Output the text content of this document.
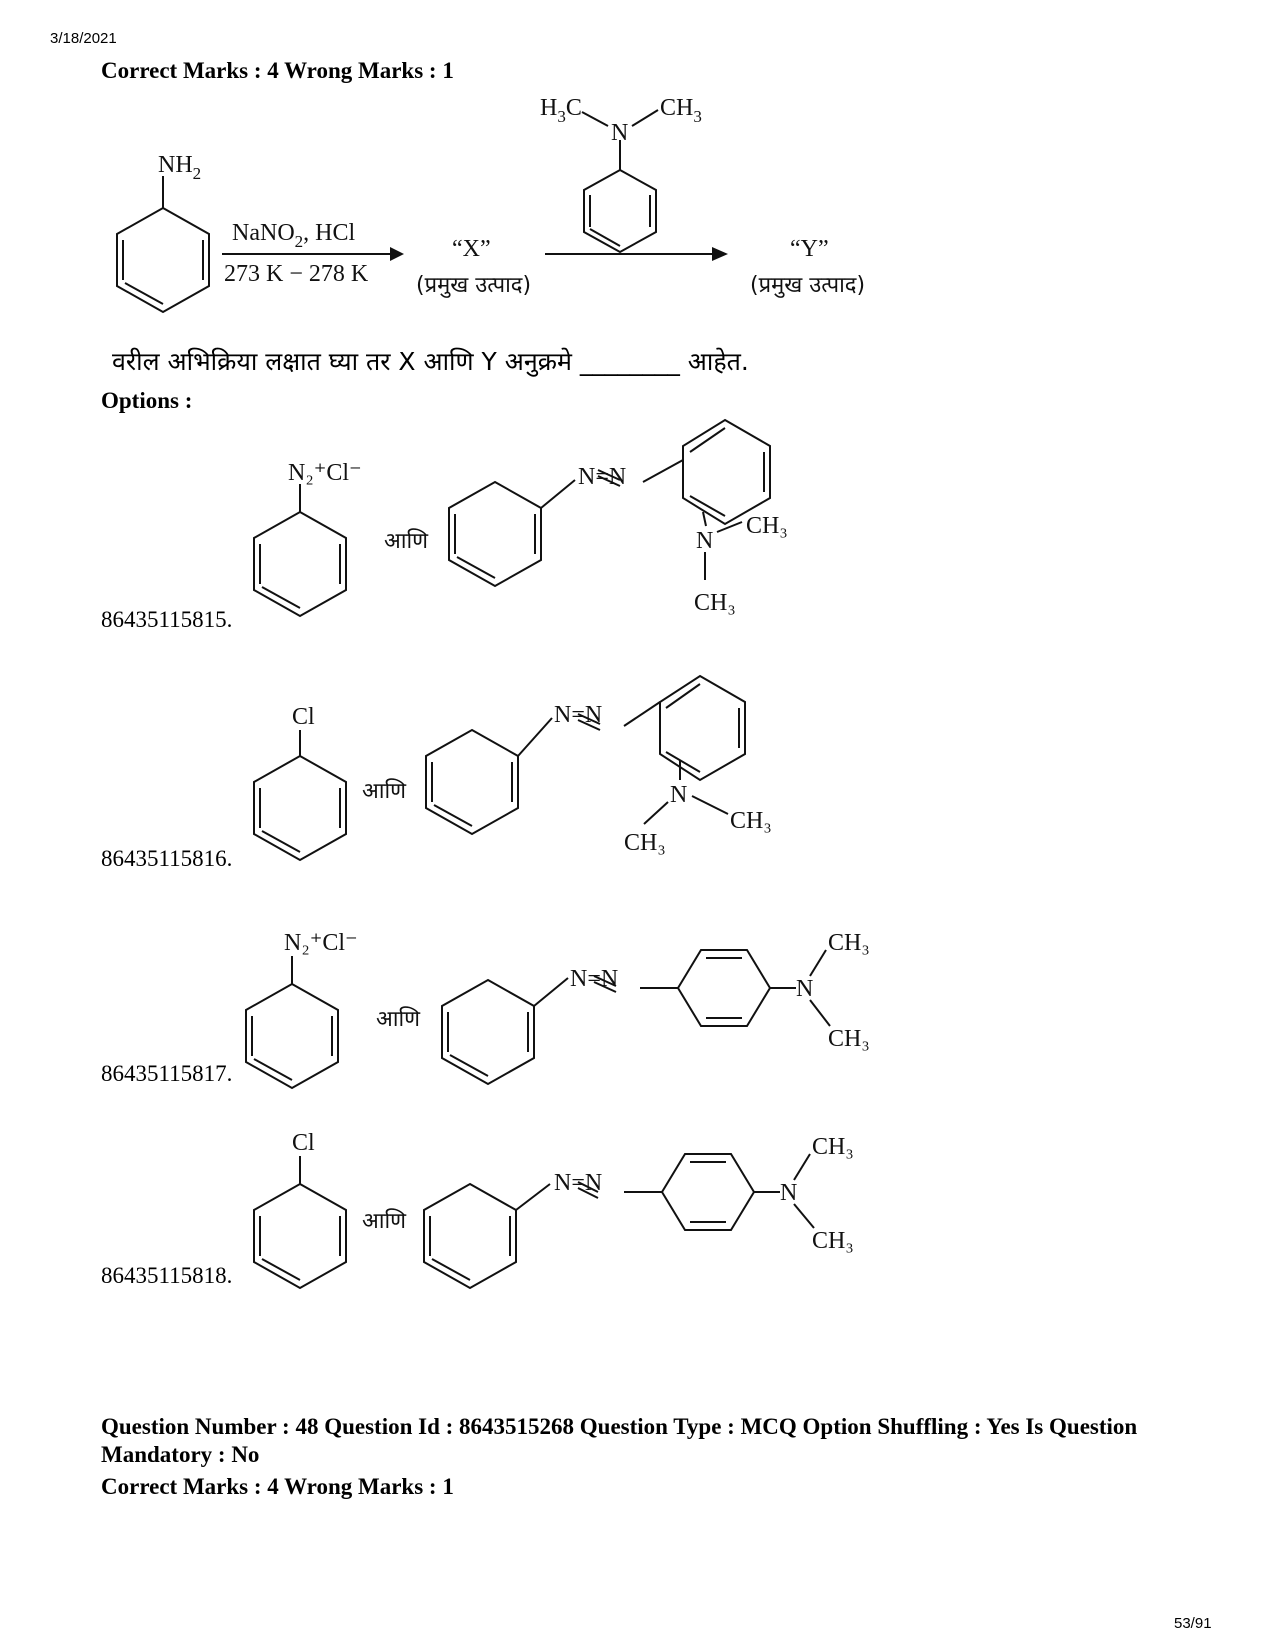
3/18/2021
Correct Marks : 4 Wrong Marks : 1
$NH_2$
NaNO$_2$, HCl
273 K − 278 K
“X”
(प्रमुख उत्पाद)
“Y”
(प्रमुख उत्पाद)
$H_3C$
N
$CH_3$
वरील अभिक्रिया लक्षात घ्या तर X आणि Y अनुक्रमे ________ आहेत.
Options :
N₂⁺Cl⁻
आणि
N=N
N
CH₃
CH₃
86435115815.
Cl
आणि
N=N
N
CH₃
CH₃
86435115816.
N₂⁺Cl⁻
आणि
N=N	N
CH₃
CH₃
86435115817.
Cl
आणि
N=N	N
CH₃
CH₃
86435115818.
Question Number : 48 Question Id : 8643515268 Question Type : MCQ Option Shuffling : Yes Is Question Mandatory : No
Correct Marks : 4 Wrong Marks : 1
53/91
